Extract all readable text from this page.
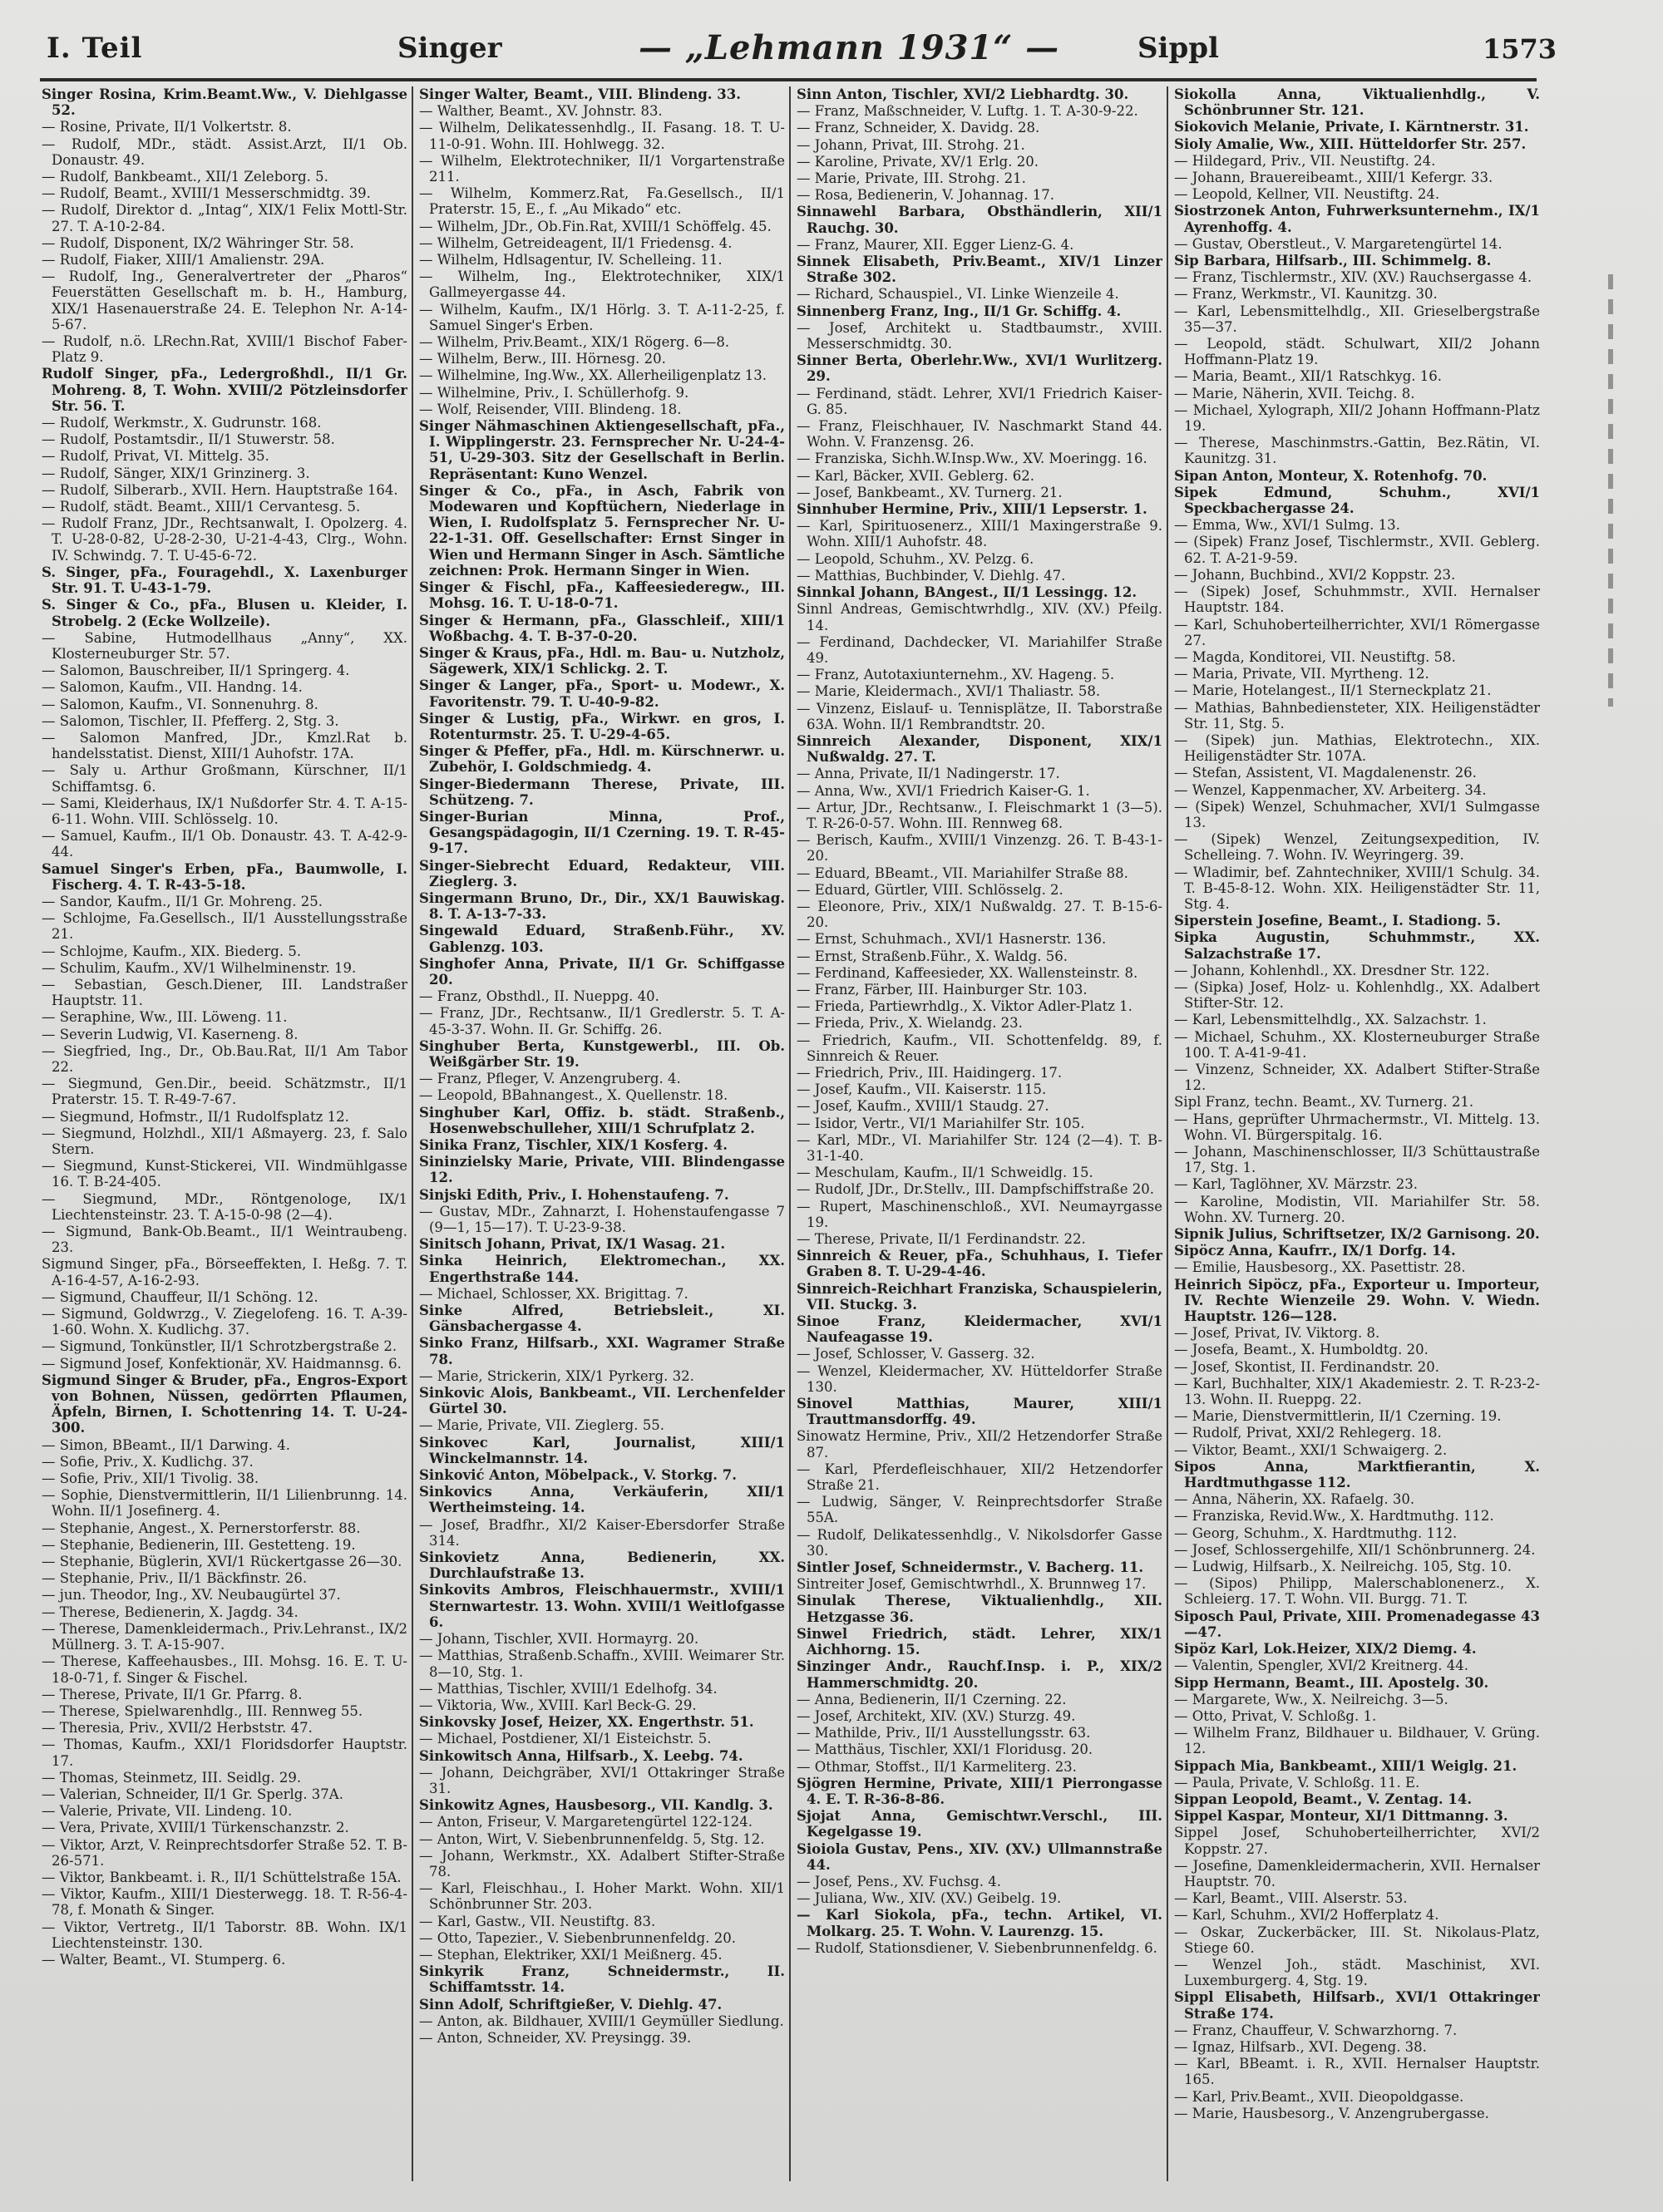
I. Teil	Singer	— „Lehmann 1931“ —	Sippl	1573
Singer Rosina, Krim.Beamt.Ww., V. Diehlgasse 52.
— Rosine, Private, II/1 Volkertstr. 8.
— Rudolf, MDr., städt. Assist.Arzt, II/1 Ob. Donaustr. 49.
— Rudolf, Bankbeamt., XII/1 Zeleborg. 5.
— Rudolf, Beamt., XVIII/1 Messerschmidtg. 39.
— Rudolf, Direktor d. „Intag“, XIX/1 Felix Mottl-Str. 27. T. A-10-2-84.
— Rudolf, Disponent, IX/2 Währinger Str. 58.
— Rudolf, Fiaker, XIII/1 Amalienstr. 29A.
— Rudolf, Ing., Generalvertreter der „Pharos“ Feuerstätten Gesellschaft m. b. H., Hamburg, XIX/1 Hasenauerstraße 24. E. Telephon Nr. A-14-5-67.
— Rudolf, n.ö. LRechn.Rat, XVIII/1 Bischof Faber-Platz 9.
Rudolf Singer, pFa., Ledergroßhdl., II/1 Gr. Mohreng. 8, T. Wohn. XVIII/2 Pötzleinsdorfer Str. 56. T.
— Rudolf, Werkmstr., X. Gudrunstr. 168.
— Rudolf, Postamtsdir., II/1 Stuwerstr. 58.
— Rudolf, Privat, VI. Mittelg. 35.
— Rudolf, Sänger, XIX/1 Grinzinerg. 3.
— Rudolf, Silberarb., XVII. Hern. Hauptstraße 164.
— Rudolf, städt. Beamt., XIII/1 Cervantesg. 5.
— Rudolf Franz, JDr., Rechtsanwalt, I. Opolzerg. 4. T. U-28-0-82, U-28-2-30, U-21-4-43, Clrg., Wohn. IV. Schwindg. 7. T. U-45-6-72.
S. Singer, pFa., Fouragehdl., X. Laxenburger Str. 91. T. U-43-1-79.
S. Singer & Co., pFa., Blusen u. Kleider, I. Strobelg. 2 (Ecke Wollzeile).
— Sabine, Hutmodellhaus „Anny“, XX. Klosterneuburger Str. 57.
— Salomon, Bauschreiber, II/1 Springerg. 4.
— Salomon, Kaufm., VII. Handng. 14.
— Salomon, Kaufm., VI. Sonnenuhrg. 8.
— Salomon, Tischler, II. Pfefferg. 2, Stg. 3.
— Salomon Manfred, JDr., Kmzl.Rat b. handelsstatist. Dienst, XIII/1 Auhofstr. 17A.
— Saly u. Arthur Großmann, Kürschner, II/1 Schiffamtsg. 6.
— Sami, Kleiderhaus, IX/1 Nußdorfer Str. 4. T. A-15-6-11. Wohn. VIII. Schlösselg. 10.
— Samuel, Kaufm., II/1 Ob. Donaustr. 43. T. A-42-9-44.
Samuel Singer's Erben, pFa., Baumwolle, I. Fischerg. 4. T. R-43-5-18.
— Sandor, Kaufm., II/1 Gr. Mohreng. 25.
— Schlojme, Fa.Gesellsch., II/1 Ausstellungsstraße 21.
— Schlojme, Kaufm., XIX. Biederg. 5.
— Schulim, Kaufm., XV/1 Wilhelminenstr. 19.
— Sebastian, Gesch.Diener, III. Landstraßer Hauptstr. 11.
— Seraphine, Ww., III. Löweng. 11.
— Severin Ludwig, VI. Kaserneng. 8.
— Siegfried, Ing., Dr., Ob.Bau.Rat, II/1 Am Tabor 22.
— Siegmund, Gen.Dir., beeid. Schätzmstr., II/1 Praterstr. 15. T. R-49-7-67.
— Siegmund, Hofmstr., II/1 Rudolfsplatz 12.
— Siegmund, Holzhdl., XII/1 Aßmayerg. 23, f. Salo Stern.
— Siegmund, Kunst-Stickerei, VII. Windmühlgasse 16. T. B-24-405.
— Siegmund, MDr., Röntgenologe, IX/1 Liechtensteinstr. 23. T. A-15-0-98 (2—4).
— Sigmund, Bank-Ob.Beamt., II/1 Weintraubeng. 23.
Sigmund Singer, pFa., Börseeffekten, I. Heßg. 7. T. A-16-4-57, A-16-2-93.
— Sigmund, Chauffeur, II/1 Schöng. 12.
— Sigmund, Goldwrzg., V. Ziegelofeng. 16. T. A-39-1-60. Wohn. X. Kudlichg. 37.
— Sigmund, Tonkünstler, II/1 Schrotzbergstraße 2.
— Sigmund Josef, Konfektionär, XV. Haidmannsg. 6.
Sigmund Singer & Bruder, pFa., Engros-Export von Bohnen, Nüssen, gedörrten Pflaumen, Äpfeln, Birnen, I. Schottenring 14. T. U-24-300.
— Simon, BBeamt., II/1 Darwing. 4.
— Sofie, Priv., X. Kudlichg. 37.
— Sofie, Priv., XII/1 Tivolig. 38.
— Sophie, Dienstvermittlerin, II/1 Lilienbrunng. 14. Wohn. II/1 Josefinerg. 4.
— Stephanie, Angest., X. Pernerstorferstr. 88.
— Stephanie, Bedienerin, III. Gestetteng. 19.
— Stephanie, Büglerin, XVI/1 Rückertgasse 26—30.
— Stephanie, Priv., II/1 Bäckfinstr. 26.
— jun. Theodor, Ing., XV. Neubaugürtel 37.
— Therese, Bedienerin, X. Jagdg. 34.
— Therese, Damenkleidermach., Priv.Lehranst., IX/2 Müllnerg. 3. T. A-15-907.
— Therese, Kaffeehausbes., III. Mohsg. 16. E. T. U-18-0-71, f. Singer & Fischel.
— Therese, Private, II/1 Gr. Pfarrg. 8.
— Therese, Spielwarenhdlg., III. Rennweg 55.
— Theresia, Priv., XVII/2 Herbststr. 47.
— Thomas, Kaufm., XXI/1 Floridsdorfer Hauptstr. 17.
— Thomas, Steinmetz, III. Seidlg. 29.
— Valerian, Schneider, II/1 Gr. Sperlg. 37A.
— Valerie, Private, VII. Lindeng. 10.
— Vera, Private, XVIII/1 Türkenschanzstr. 2.
— Viktor, Arzt, V. Reinprechtsdorfer Straße 52. T. B-26-571.
— Viktor, Bankbeamt. i. R., II/1 Schüttelstraße 15A.
— Viktor, Kaufm., XIII/1 Diesterwegg. 18. T. R-56-4-78, f. Monath & Singer.
— Viktor, Vertretg., II/1 Taborstr. 8B. Wohn. IX/1 Liechtensteinstr. 130.
— Walter, Beamt., VI. Stumperg. 6.
Singer Walter, Beamt., VIII. Blindeng. 33.
— Walther, Beamt., XV. Johnstr. 83.
— Wilhelm, Delikatessenhdlg., II. Fasang. 18. T. U-11-0-91. Wohn. III. Hohlwegg. 32.
— Wilhelm, Elektrotechniker, II/1 Vorgartenstraße 211.
— Wilhelm, Kommerz.Rat, Fa.Gesellsch., II/1 Praterstr. 15, E., f. „Au Mikado“ etc.
— Wilhelm, JDr., Ob.Fin.Rat, XVIII/1 Schöffelg. 45.
— Wilhelm, Getreideagent, II/1 Friedensg. 4.
— Wilhelm, Hdlsagentur, IV. Schelleing. 11.
— Wilhelm, Ing., Elektrotechniker, XIX/1 Gallmeyergasse 44.
— Wilhelm, Kaufm., IX/1 Hörlg. 3. T. A-11-2-25, f. Samuel Singer's Erben.
— Wilhelm, Priv.Beamt., XIX/1 Rögerg. 6—8.
— Wilhelm, Berw., III. Hörnesg. 20.
— Wilhelmine, Ing.Ww., XX. Allerheiligenplatz 13.
— Wilhelmine, Priv., I. Schüllerhofg. 9.
— Wolf, Reisender, VIII. Blindeng. 18.
Singer Nähmaschinen Aktiengesellschaft, pFa., I. Wipplingerstr. 23. Fernsprecher Nr. U-24-4-51, U-29-303. Sitz der Gesellschaft in Berlin. Repräsentant: Kuno Wenzel.
Singer & Co., pFa., in Asch, Fabrik von Modewaren und Kopftüchern, Niederlage in Wien, I. Rudolfsplatz 5. Fernsprecher Nr. U-22-1-31. Off. Gesellschafter: Ernst Singer in Wien und Hermann Singer in Asch. Sämtliche zeichnen: Prok. Hermann Singer in Wien.
Singer & Fischl, pFa., Kaffeesiederegw., III. Mohsg. 16. T. U-18-0-71.
Singer & Hermann, pFa., Glasschleif., XIII/1 Woßbachg. 4. T. B-37-0-20.
Singer & Kraus, pFa., Hdl. m. Bau- u. Nutzholz, Sägewerk, XIX/1 Schlickg. 2. T.
Singer & Langer, pFa., Sport- u. Modewr., X. Favoritenstr. 79. T. U-40-9-82.
Singer & Lustig, pFa., Wirkwr. en gros, I. Rotenturmstr. 25. T. U-29-4-65.
Singer & Pfeffer, pFa., Hdl. m. Kürschnerwr. u. Zubehör, I. Goldschmiedg. 4.
Singer-Biedermann Therese, Private, III. Schützeng. 7.
Singer-Burian Minna, Prof., Gesangspädagogin, II/1 Czerning. 19. T. R-45-9-17.
Singer-Siebrecht Eduard, Redakteur, VIII. Zieglerg. 3.
Singermann Bruno, Dr., Dir., XX/1 Bauwiskag. 8. T. A-13-7-33.
Singewald Eduard, Straßenb.Führ., XV. Gablenzg. 103.
Singhofer Anna, Private, II/1 Gr. Schiffgasse 20.
— Franz, Obsthdl., II. Nueppg. 40.
— Franz, JDr., Rechtsanw., II/1 Gredlerstr. 5. T. A-45-3-37. Wohn. II. Gr. Schiffg. 26.
Singhuber Berta, Kunstgewerbl., III. Ob. Weißgärber Str. 19.
— Franz, Pfleger, V. Anzengruberg. 4.
— Leopold, BBahnangest., X. Quellenstr. 18.
Singhuber Karl, Offiz. b. städt. Straßenb., Hosenwebschulleher, XIII/1 Schrufplatz 2.
Sinika Franz, Tischler, XIX/1 Kosferg. 4.
Sininzielsky Marie, Private, VIII. Blindengasse 12.
Sinjski Edith, Priv., I. Hohenstaufeng. 7.
— Gustav, MDr., Zahnarzt, I. Hohenstaufengasse 7 (9—1, 15—17). T. U-23-9-38.
Sinitsch Johann, Privat, IX/1 Wasag. 21.
Sinka Heinrich, Elektromechan., XX. Engerthstraße 144.
— Michael, Schlosser, XX. Brigittag. 7.
Sinke Alfred, Betriebsleit., XI. Gänsbachergasse 4.
Sinko Franz, Hilfsarb., XXI. Wagramer Straße 78.
— Marie, Strickerin, XIX/1 Pyrkerg. 32.
Sinkovic Alois, Bankbeamt., VII. Lerchenfelder Gürtel 30.
— Marie, Private, VII. Zieglerg. 55.
Sinkovec Karl, Journalist, XIII/1 Winckelmannstr. 14.
Sinković Anton, Möbelpack., V. Storkg. 7.
Sinkovics Anna, Verkäuferin, XII/1 Wertheimsteing. 14.
— Josef, Bradfhr., XI/2 Kaiser-Ebersdorfer Straße 314.
Sinkovietz Anna, Bedienerin, XX. Durchlaufstraße 13.
Sinkovits Ambros, Fleischhauermstr., XVIII/1 Sternwartestr. 13. Wohn. XVIII/1 Weitlofgasse 6.
— Johann, Tischler, XVII. Hormayrg. 20.
— Matthias, Straßenb.Schaffn., XVIII. Weimarer Str. 8—10, Stg. 1.
— Matthias, Tischler, XVIII/1 Edelhofg. 34.
— Viktoria, Ww., XVIII. Karl Beck-G. 29.
Sinkovsky Josef, Heizer, XX. Engerthstr. 51.
— Michael, Postdiener, XI/1 Eisteichstr. 5.
Sinkowitsch Anna, Hilfsarb., X. Leebg. 74.
— Johann, Deichgräber, XVI/1 Ottakringer Straße 31.
Sinkowitz Agnes, Hausbesorg., VII. Kandlg. 3.
— Anton, Friseur, V. Margaretengürtel 122-124.
— Anton, Wirt, V. Siebenbrunnenfeldg. 5, Stg. 12.
— Johann, Werkmstr., XX. Adalbert Stifter-Straße 78.
— Karl, Fleischhau., I. Hoher Markt. Wohn. XII/1 Schönbrunner Str. 203.
— Karl, Gastw., VII. Neustiftg. 83.
— Otto, Tapezier., V. Siebenbrunnenfeldg. 20.
— Stephan, Elektriker, XXI/1 Meißnerg. 45.
Sinkyrik Franz, Schneidermstr., II. Schiffamtsstr. 14.
Sinn Adolf, Schriftgießer, V. Diehlg. 47.
— Anton, ak. Bildhauer, XVIII/1 Geymüller Siedlung.
— Anton, Schneider, XV. Preysingg. 39.
Sinn Anton, Tischler, XVI/2 Liebhardtg. 30.
— Franz, Maßschneider, V. Luftg. 1. T. A-30-9-22.
— Franz, Schneider, X. Davidg. 28.
— Johann, Privat, III. Strohg. 21.
— Karoline, Private, XV/1 Erlg. 20.
— Marie, Private, III. Strohg. 21.
— Rosa, Bedienerin, V. Johannag. 17.
Sinnawehl Barbara, Obsthändlerin, XII/1 Rauchg. 30.
— Franz, Maurer, XII. Egger Lienz-G. 4.
Sinnek Elisabeth, Priv.Beamt., XIV/1 Linzer Straße 302.
— Richard, Schauspiel., VI. Linke Wienzeile 4.
Sinnenberg Franz, Ing., II/1 Gr. Schiffg. 4.
— Josef, Architekt u. Stadtbaumstr., XVIII. Messerschmidtg. 30.
Sinner Berta, Oberlehr.Ww., XVI/1 Wurlitzerg. 29.
— Ferdinand, städt. Lehrer, XVI/1 Friedrich Kaiser-G. 85.
— Franz, Fleischhauer, IV. Naschmarkt Stand 44. Wohn. V. Franzensg. 26.
— Franziska, Sichh.W.Insp.Ww., XV. Moeringg. 16.
— Karl, Bäcker, XVII. Geblerg. 62.
— Josef, Bankbeamt., XV. Turnerg. 21.
Sinnhuber Hermine, Priv., XIII/1 Lepserstr. 1.
— Karl, Spirituosenerz., XIII/1 Maxingerstraße 9. Wohn. XIII/1 Auhofstr. 48.
— Leopold, Schuhm., XV. Pelzg. 6.
— Matthias, Buchbinder, V. Diehlg. 47.
Sinnkal Johann, BAngest., II/1 Lessingg. 12.
Sinnl Andreas, Gemischtwrhdlg., XIV. (XV.) Pfeilg. 14.
— Ferdinand, Dachdecker, VI. Mariahilfer Straße 49.
— Franz, Autotaxiunternehm., XV. Hageng. 5.
— Marie, Kleidermach., XVI/1 Thaliastr. 58.
— Vinzenz, Eislauf- u. Tennisplätze, II. Taborstraße 63A. Wohn. II/1 Rembrandtstr. 20.
Sinnreich Alexander, Disponent, XIX/1 Nußwaldg. 27. T.
— Anna, Private, II/1 Nadingerstr. 17.
— Anna, Ww., XVI/1 Friedrich Kaiser-G. 1.
— Artur, JDr., Rechtsanw., I. Fleischmarkt 1 (3—5). T. R-26-0-57. Wohn. III. Rennweg 68.
— Berisch, Kaufm., XVIII/1 Vinzenzg. 26. T. B-43-1-20.
— Eduard, BBeamt., VII. Mariahilfer Straße 88.
— Eduard, Gürtler, VIII. Schlösselg. 2.
— Eleonore, Priv., XIX/1 Nußwaldg. 27. T. B-15-6-20.
— Ernst, Schuhmach., XVI/1 Hasnerstr. 136.
— Ernst, Straßenb.Führ., X. Waldg. 56.
— Ferdinand, Kaffeesieder, XX. Wallensteinstr. 8.
— Franz, Färber, III. Hainburger Str. 103.
— Frieda, Partiewrhdlg., X. Viktor Adler-Platz 1.
— Frieda, Priv., X. Wielandg. 23.
— Friedrich, Kaufm., VII. Schottenfeldg. 89, f. Sinnreich & Reuer.
— Friedrich, Priv., III. Haidingerg. 17.
— Josef, Kaufm., VII. Kaiserstr. 115.
— Josef, Kaufm., XVIII/1 Staudg. 27.
— Isidor, Vertr., VI/1 Mariahilfer Str. 105.
— Karl, MDr., VI. Mariahilfer Str. 124 (2—4). T. B-31-1-40.
— Meschulam, Kaufm., II/1 Schweidlg. 15.
— Rudolf, JDr., Dr.Stellv., III. Dampfschiffstraße 20.
— Rupert, Maschinenschloß., XVI. Neumayrgasse 19.
— Therese, Private, II/1 Ferdinandstr. 22.
Sinnreich & Reuer, pFa., Schuhhaus, I. Tiefer Graben 8. T. U-29-4-46.
Sinnreich-Reichhart Franziska, Schauspielerin, VII. Stuckg. 3.
Sinoe Franz, Kleidermacher, XVI/1 Naufeagasse 19.
— Josef, Schlosser, V. Gasserg. 32.
— Wenzel, Kleidermacher, XV. Hütteldorfer Straße 130.
Sinovel Matthias, Maurer, XIII/1 Trauttmansdorffg. 49.
Sinowatz Hermine, Priv., XII/2 Hetzendorfer Straße 87.
— Karl, Pferdefleischhauer, XII/2 Hetzendorfer Straße 21.
— Ludwig, Sänger, V. Reinprechtsdorfer Straße 55A.
— Rudolf, Delikatessenhdlg., V. Nikolsdorfer Gasse 30.
Sintler Josef, Schneidermstr., V. Bacherg. 11.
Sintreiter Josef, Gemischtwrhdl., X. Brunnweg 17.
Sinulak Therese, Viktualienhdlg., XII. Hetzgasse 36.
Sinwel Friedrich, städt. Lehrer, XIX/1 Aichhorng. 15.
Sinzinger Andr., Rauchf.Insp. i. P., XIX/2 Hammerschmidtg. 20.
— Anna, Bedienerin, II/1 Czerning. 22.
— Josef, Architekt, XIV. (XV.) Sturzg. 49.
— Mathilde, Priv., II/1 Ausstellungsstr. 63.
— Matthäus, Tischler, XXI/1 Floridusg. 20.
— Othmar, Stoffst., II/1 Karmeliterg. 23.
Sjögren Hermine, Private, XIII/1 Pierrongasse 4. E. T. R-36-8-86.
Sjojat Anna, Gemischtwr.Verschl., III. Kegelgasse 19.
Sioiola Gustav, Pens., XIV. (XV.) Ullmannstraße 44.
— Josef, Pens., XV. Fuchsg. 4.
— Juliana, Ww., XIV. (XV.) Geibelg. 19.
— Karl Siokola, pFa., techn. Artikel, VI. Molkarg. 25. T. Wohn. V. Laurenzg. 15.
— Rudolf, Stationsdiener, V. Siebenbrunnenfeldg. 6.
Siokolla Anna, Viktualienhdlg., V. Schönbrunner Str. 121.
Siokovich Melanie, Private, I. Kärntnerstr. 31.
Sioly Amalie, Ww., XIII. Hütteldorfer Str. 257.
— Hildegard, Priv., VII. Neustiftg. 24.
— Johann, Brauereibeamt., XIII/1 Kefergr. 33.
— Leopold, Kellner, VII. Neustiftg. 24.
Siostrzonek Anton, Fuhrwerksunternehm., IX/1 Ayrenhoffg. 4.
— Gustav, Oberstleut., V. Margaretengürtel 14.
Sip Barbara, Hilfsarb., III. Schimmelg. 8.
— Franz, Tischlermstr., XIV. (XV.) Rauchsergasse 4.
— Franz, Werkmstr., VI. Kaunitzg. 30.
— Karl, Lebensmittelhdlg., XII. Grieselbergstraße 35—37.
— Leopold, städt. Schulwart, XII/2 Johann Hoffmann-Platz 19.
— Maria, Beamt., XII/1 Ratschkyg. 16.
— Marie, Näherin, XVII. Teichg. 8.
— Michael, Xylograph, XII/2 Johann Hoffmann-Platz 19.
— Therese, Maschinmstrs.-Gattin, Bez.Rätin, VI. Kaunitzg. 31.
Sipan Anton, Monteur, X. Rotenhofg. 70.
Sipek Edmund, Schuhm., XVI/1 Speckbachergasse 24.
— Emma, Ww., XVI/1 Sulmg. 13.
— (Sipek) Franz Josef, Tischlermstr., XVII. Geblerg. 62. T. A-21-9-59.
— Johann, Buchbind., XVI/2 Koppstr. 23.
— (Sipek) Josef, Schuhmmstr., XVII. Hernalser Hauptstr. 184.
— Karl, Schuhoberteilherrichter, XVI/1 Römergasse 27.
— Magda, Konditorei, VII. Neustiftg. 58.
— Maria, Private, VII. Myrtheng. 12.
— Marie, Hotelangest., II/1 Sterneckplatz 21.
— Mathias, Bahnbediensteter, XIX. Heiligenstädter Str. 11, Stg. 5.
— (Sipek) jun. Mathias, Elektrotechn., XIX. Heiligenstädter Str. 107A.
— Stefan, Assistent, VI. Magdalenenstr. 26.
— Wenzel, Kappenmacher, XV. Arbeiterg. 34.
— (Sipek) Wenzel, Schuhmacher, XVI/1 Sulmgasse 13.
— (Sipek) Wenzel, Zeitungsexpedition, IV. Schelleing. 7. Wohn. IV. Weyringerg. 39.
— Wladimir, bef. Zahntechniker, XVIII/1 Schulg. 34. T. B-45-8-12. Wohn. XIX. Heiligenstädter Str. 11, Stg. 4.
Siperstein Josefine, Beamt., I. Stadiong. 5.
Sipka Augustin, Schuhmmstr., XX. Salzachstraße 17.
— Johann, Kohlenhdl., XX. Dresdner Str. 122.
— (Sipka) Josef, Holz- u. Kohlenhdlg., XX. Adalbert Stifter-Str. 12.
— Karl, Lebensmittelhdlg., XX. Salzachstr. 1.
— Michael, Schuhm., XX. Klosterneuburger Straße 100. T. A-41-9-41.
— Vinzenz, Schneider, XX. Adalbert Stifter-Straße 12.
Sipl Franz, techn. Beamt., XV. Turnerg. 21.
— Hans, geprüfter Uhrmachermstr., VI. Mittelg. 13. Wohn. VI. Bürgerspitalg. 16.
— Johann, Maschinenschlosser, II/3 Schüttaustraße 17, Stg. 1.
— Karl, Taglöhner, XV. Märzstr. 23.
— Karoline, Modistin, VII. Mariahilfer Str. 58. Wohn. XV. Turnerg. 20.
Sipnik Julius, Schriftsetzer, IX/2 Garnisong. 20.
Sipöcz Anna, Kaufrr., IX/1 Dorfg. 14.
— Emilie, Hausbesorg., XX. Pasettistr. 28.
Heinrich Sipöcz, pFa., Exporteur u. Importeur, IV. Rechte Wienzeile 29. Wohn. V. Wiedn. Hauptstr. 126—128.
— Josef, Privat, IV. Viktorg. 8.
— Josefa, Beamt., X. Humboldtg. 20.
— Josef, Skontist, II. Ferdinandstr. 20.
— Karl, Buchhalter, XIX/1 Akademiestr. 2. T. R-23-2-13. Wohn. II. Rueppg. 22.
— Marie, Dienstvermittlerin, II/1 Czerning. 19.
— Rudolf, Privat, XXI/2 Rehlegerg. 18.
— Viktor, Beamt., XXI/1 Schwaigerg. 2.
Sipos Anna, Marktfierantin, X. Hardtmuthgasse 112.
— Anna, Näherin, XX. Rafaelg. 30.
— Franziska, Revid.Ww., X. Hardtmuthg. 112.
— Georg, Schuhm., X. Hardtmuthg. 112.
— Josef, Schlossergehilfe, XII/1 Schönbrunnerg. 24.
— Ludwig, Hilfsarb., X. Neilreichg. 105, Stg. 10.
— (Sipos) Philipp, Malerschablonenerz., X. Schleierg. 17. T. Wohn. VII. Burgg. 71. T.
Siposch Paul, Private, XIII. Promenadegasse 43—47.
Sipöz Karl, Lok.Heizer, XIX/2 Diemg. 4.
— Valentin, Spengler, XVI/2 Kreitnerg. 44.
Sipp Hermann, Beamt., III. Apostelg. 30.
— Margarete, Ww., X. Neilreichg. 3—5.
— Otto, Privat, V. Schloßg. 1.
— Wilhelm Franz, Bildhauer u. Bildhauer, V. Grüng. 12.
Sippach Mia, Bankbeamt., XIII/1 Weiglg. 21.
— Paula, Private, V. Schloßg. 11. E.
Sippan Leopold, Beamt., V. Zentag. 14.
Sippel Kaspar, Monteur, XI/1 Dittmanng. 3.
Sippel Josef, Schuhoberteilherrichter, XVI/2 Koppstr. 27.
— Josefine, Damenkleidermacherin, XVII. Hernalser Hauptstr. 70.
— Karl, Beamt., VIII. Alserstr. 53.
— Karl, Schuhm., XVI/2 Hofferplatz 4.
— Oskar, Zuckerbäcker, III. St. Nikolaus-Platz, Stiege 60.
— Wenzel Joh., städt. Maschinist, XVI. Luxemburgerg. 4, Stg. 19.
Sippl Elisabeth, Hilfsarb., XVI/1 Ottakringer Straße 174.
— Franz, Chauffeur, V. Schwarzhorng. 7.
— Ignaz, Hilfsarb., XVI. Degeng. 38.
— Karl, BBeamt. i. R., XVII. Hernalser Hauptstr. 165.
— Karl, Priv.Beamt., XVII. Dieopoldgasse.
— Marie, Hausbesorg., V. Anzengrubergasse.
